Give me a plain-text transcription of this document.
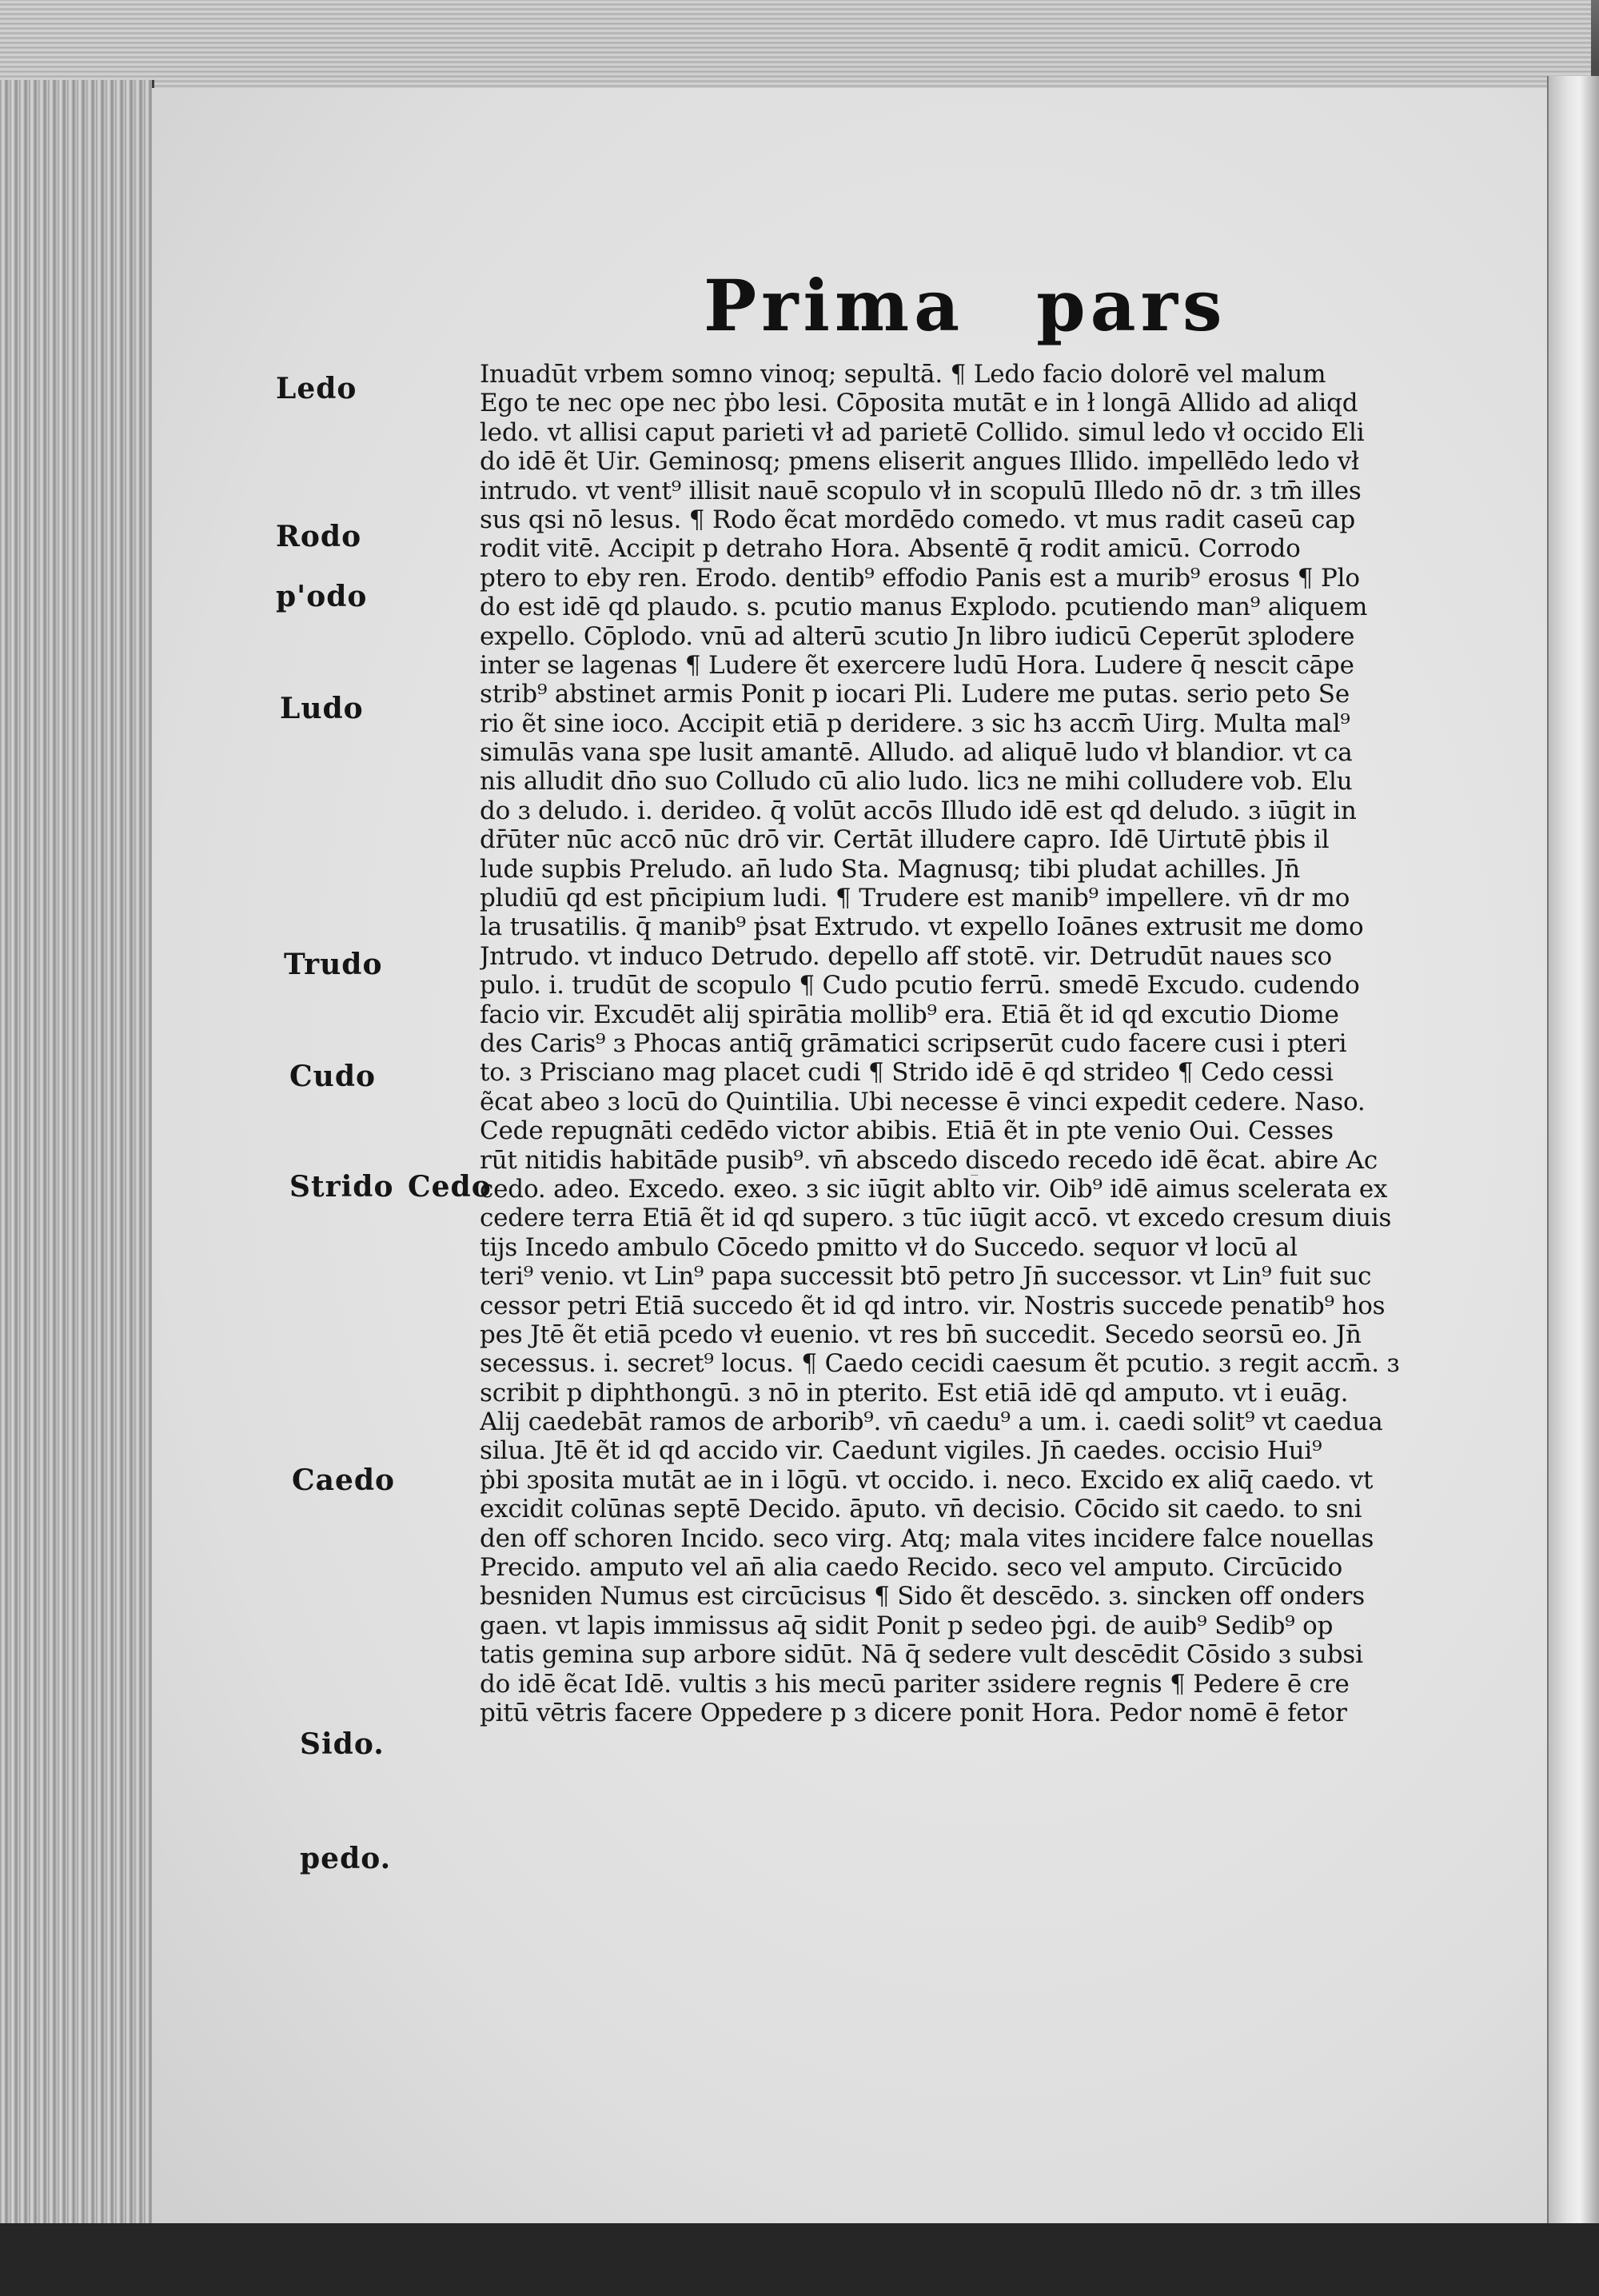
Prima pars
Ledo
Rodo
p'odo
Ludo
Trudo
Cudo
Strido Cedo
Caedo
Sido.
pedo.
Inuadūt vrbem somno vinoq; sepultā. ¶ Ledo facio dolorē vel malum
Ego te nec ope nec ṗbo lesi. Cōposita mutāt e in ł longā Allido ad aliqd
ledo. vt allisi caput parieti vł ad parietē Collido. simul ledo vł occido Eli
do idē ẽt Uir. Geminosq; pmens eliserit angues Illido. impellēdo ledo vł
intrudo. vt vent⁹ illisit nauē scopulo vł in scopulū Illedo nō dr. ɜ tm̄ illes
sus qsi nō lesus. ¶ Rodo ẽcat mordēdo comedo. vt mus radit caseū cap
rodit vitē. Accipit p detraho Hora. Absentē q̄ rodit amicū. Corrodo
ptero to eby ren. Erodo. dentib⁹ effodio Panis est a murib⁹ erosus ¶ Plo
do est idē qd plaudo. s. pcutio manus Explodo. pcutiendo man⁹ aliquem
expello. Cōplodo. vnū ad alterū ɜcutio Jn libro iudicū Ceperūt ɜplodere
inter se lagenas ¶ Ludere ẽt exercere ludū Hora. Ludere q̄ nescit cāpe
strib⁹ abstinet armis Ponit p iocari Pli. Ludere me putas. serio peto Se
rio ẽt sine ioco. Accipit etiā p deridere. ɜ sic hɜ accm̄ Uirg. Multa mal⁹
simulās vana spe lusit amantē. Alludo. ad aliquē ludo vł blandior. vt ca
nis alludit dn̄o suo Colludo cū alio ludo. licɜ ne mihi colludere vob. Elu
do ɜ deludo. i. derideo. q̄ volūt accōs Illudo idē est qd deludo. ɜ iūgit in
dr̄ūter nūc accō nūc drō vir. Certāt illudere capro. Idē Uirtutē ṗbis il
lude supbis Preludo. an̄ ludo Sta. Magnusq; tibi pludat achilles. Jn̄
pludiū qd est pn̄cipium ludi. ¶ Trudere est manib⁹ impellere. vn̄ dr mo
la trusatilis. q̄ manib⁹ ṗsat Extrudo. vt expello Ioānes extrusit me domo
Jntrudo. vt induco Detrudo. depello aff stotē. vir. Detrudūt naues sco
pulo. i. trudūt de scopulo ¶ Cudo pcutio ferrū. smedē Excudo. cudendo
facio vir. Excudēt alij spirātia mollib⁹ era. Etiā ẽt id qd excutio Diome
des Caris⁹ ɜ Phocas antiq̄ grāmatici scripserūt cudo facere cusi i pteri
to. ɜ Prisciano mag placet cudi ¶ Strido idē ē qd strideo ¶ Cedo cessi
ẽcat abeo ɜ locū do Quintilia. Ubi necesse ē vinci expedit cedere. Naso.
Cede repugnāti cedēdo victor abibis. Etiā ẽt in pte venio Oui. Cesses
rūt nitidis habitāde pusib⁹. vn̄ abscedo discedo recedo idē ẽcat. abire Ac
cedo. adeo. Excedo. exeo. ɜ sic iūgit ablt̄o vir. Oib⁹ idē aimus scelerata ex
cedere terra Etiā ẽt id qd supero. ɜ tūc iūgit accō. vt excedo cresum diuis
tijs Incedo ambulo Cōcedo pmitto vł do Succedo. sequor vł locū al
teri⁹ venio. vt Lin⁹ papa successit btō petro Jn̄ successor. vt Lin⁹ fuit suc
cessor petri Etiā succedo ẽt id qd intro. vir. Nostris succede penatib⁹ hos
pes Jtē ẽt etiā pcedo vł euenio. vt res bn̄ succedit. Secedo seorsū eo. Jn̄
secessus. i. secret⁹ locus. ¶ Caedo cecidi caesum ẽt pcutio. ɜ regit accm̄. ɜ
scribit p diphthongū. ɜ nō in pterito. Est etiā idē qd amputo. vt i euāg.
Alij caedebāt ramos de arborib⁹. vn̄ caedu⁹ a um. i. caedi solit⁹ vt caedua
silua. Jtē ẽt id qd accido vir. Caedunt vigiles. Jn̄ caedes. occisio Hui⁹
ṗbi ɜposita mutāt ae in i lōgū. vt occido. i. neco. Excido ex aliq̄ caedo. vt
excidit colūnas septē Decido. āputo. vn̄ decisio. Cōcido sit caedo. to sni
den off schoren Incido. seco virg. Atq; mala vites incidere falce nouellas
Precido. amputo vel an̄ alia caedo Recido. seco vel amputo. Circūcido
besniden Numus est circūcisus ¶ Sido ẽt descēdo. ɜ. sincken off onders
gaen. vt lapis immissus aq̄ sidit Ponit p sedeo ṗgi. de auib⁹ Sedib⁹ op
tatis gemina sup arbore sidūt. Nā q̄ sedere vult descēdit Cōsido ɜ subsi
do idē ẽcat Idē. vultis ɜ his mecū pariter ɜsidere regnis ¶ Pedere ē cre
pitū vētris facere Oppedere p ɜ dicere ponit Hora. Pedor nomē ē fetor
